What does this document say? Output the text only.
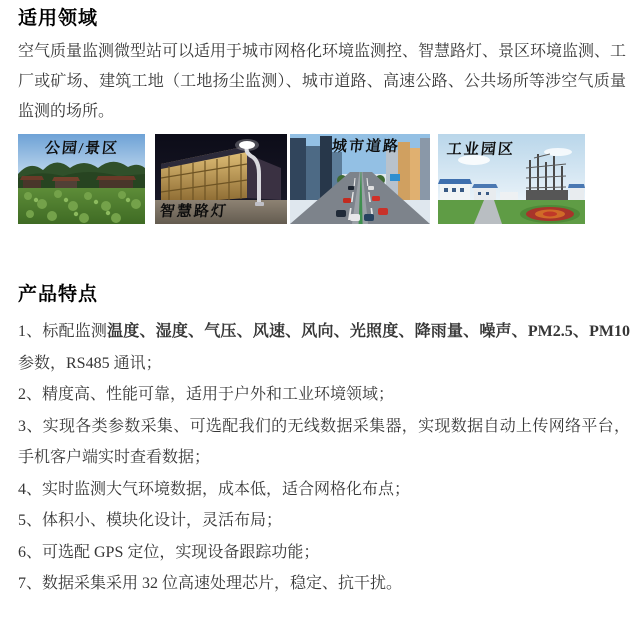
适用领域
空气质量监测微型站可以适用于城市网格化环境监测控、智慧路灯、景区环境监测、工
厂或矿场、建筑工地（工地扬尘监测）、城市道路、高速公路、公共场所等涉空气质量
监测的场所。
公园/景区
智慧路灯
城市道路	工业园区
产品特点
1、标配监测温度、湿度、气压、风速、风向、光照度、降雨量、噪声、PM2.5、PM10
参数，RS485 通讯；
2、精度高、性能可靠，适用于户外和工业环境领域；
3、实现各类参数采集、可选配我们的无线数据采集器，实现数据自动上传网络平台，
手机客户端实时查看数据；
4、实时监测大气环境数据，成本低，适合网格化布点；
5、体积小、模块化设计，灵活布局；
6、可选配 GPS 定位，实现设备跟踪功能；
7、数据采集采用 32 位高速处理芯片，稳定、抗干扰。
